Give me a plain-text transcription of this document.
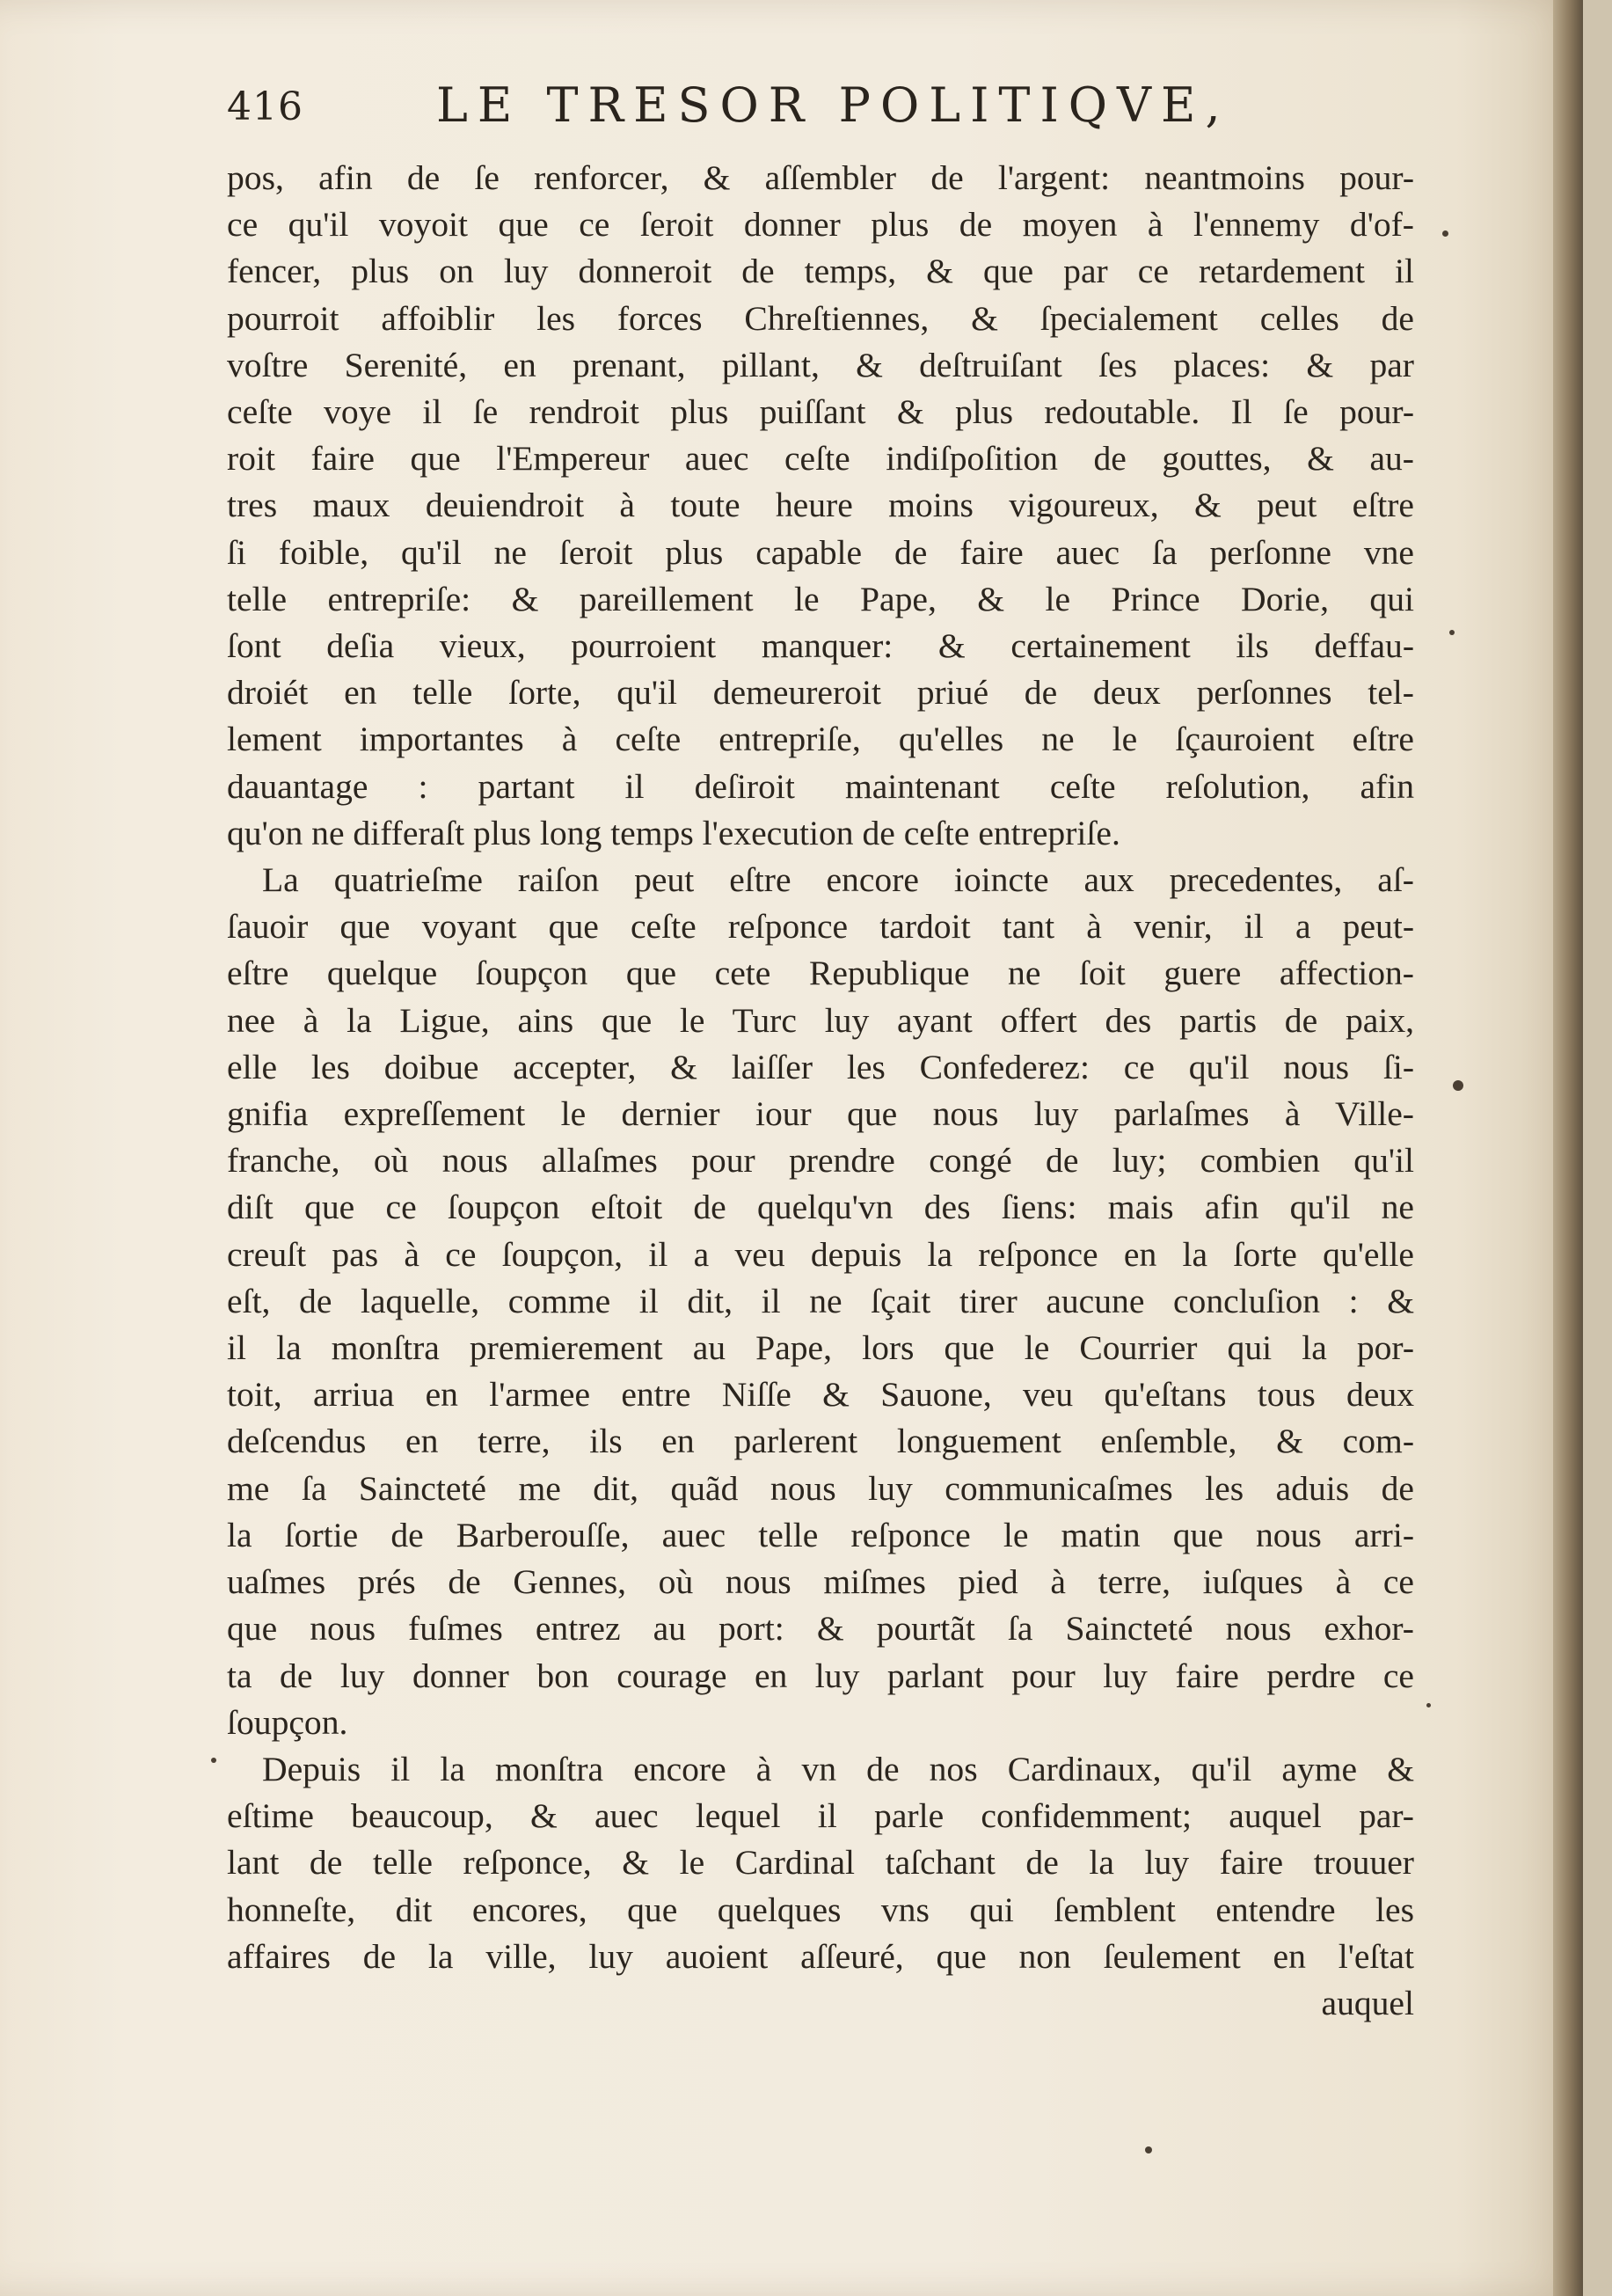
416	LE TRESOR POLITIQVE,
pos, afin de ſe renforcer, & aſſembler de l'argent: neantmoins pour-
ce qu'il voyoit que ce ſeroit donner plus de moyen à l'ennemy d'of-
fencer, plus on luy donneroit de temps, & que par ce retardement il
pourroit affoiblir les forces Chreſtiennes, & ſpecialement celles de
voſtre Serenité, en prenant, pillant, & deſtruiſant ſes places: & par
ceſte voye il ſe rendroit plus puiſſant & plus redoutable. Il ſe pour-
roit faire que l'Empereur auec ceſte indiſpoſition de gouttes, & au-
tres maux deuiendroit à toute heure moins vigoureux, & peut eſtre
ſi foible, qu'il ne ſeroit plus capable de faire auec ſa perſonne vne
telle entrepriſe: & pareillement le Pape, & le Prince Dorie, qui
ſont deſia vieux, pourroient manquer: & certainement ils deffau-
droiét en telle ſorte, qu'il demeureroit priué de deux perſonnes tel-
lement importantes à ceſte entrepriſe, qu'elles ne le ſçauroient eſtre
dauantage : partant il deſiroit maintenant ceſte reſolution, afin
qu'on ne differaſt plus long temps l'execution de ceſte entrepriſe.
La quatrieſme raiſon peut eſtre encore ioincte aux precedentes, aſ-
ſauoir que voyant que ceſte reſponce tardoit tant à venir, il a peut-
eſtre quelque ſoupçon que cete Republique ne ſoit guere affection-
nee à la Ligue, ains que le Turc luy ayant offert des partis de paix,
elle les doibue accepter, & laiſſer les Confederez: ce qu'il nous ſi-
gnifia expreſſement le dernier iour que nous luy parlaſmes à Ville-
franche, où nous allaſmes pour prendre congé de luy; combien qu'il
diſt que ce ſoupçon eſtoit de quelqu'vn des ſiens: mais afin qu'il ne
creuſt pas à ce ſoupçon, il a veu depuis la reſponce en la ſorte qu'elle
eſt, de laquelle, comme il dit, il ne ſçait tirer aucune concluſion : &
il la monſtra premierement au Pape, lors que le Courrier qui la por-
toit, arriua en l'armee entre Niſſe & Sauone, veu qu'eſtans tous deux
deſcendus en terre, ils en parlerent longuement enſemble, & com-
me ſa Saincteté me dit, quãd nous luy communicaſmes les aduis de
la ſortie de Barberouſſe, auec telle reſponce le matin que nous arri-
uaſmes prés de Gennes, où nous miſmes pied à terre, iuſques à ce
que nous fuſmes entrez au port: & pourtãt ſa Saincteté nous exhor-
ta de luy donner bon courage en luy parlant pour luy faire perdre ce
ſoupçon.
Depuis il la monſtra encore à vn de nos Cardinaux, qu'il ayme &
eſtime beaucoup, & auec lequel il parle confidemment; auquel par-
lant de telle reſponce, & le Cardinal taſchant de la luy faire trouuer
honneſte, dit encores, que quelques vns qui ſemblent entendre les
affaires de la ville, luy auoient aſſeuré, que non ſeulement en l'eſtat
auquel
